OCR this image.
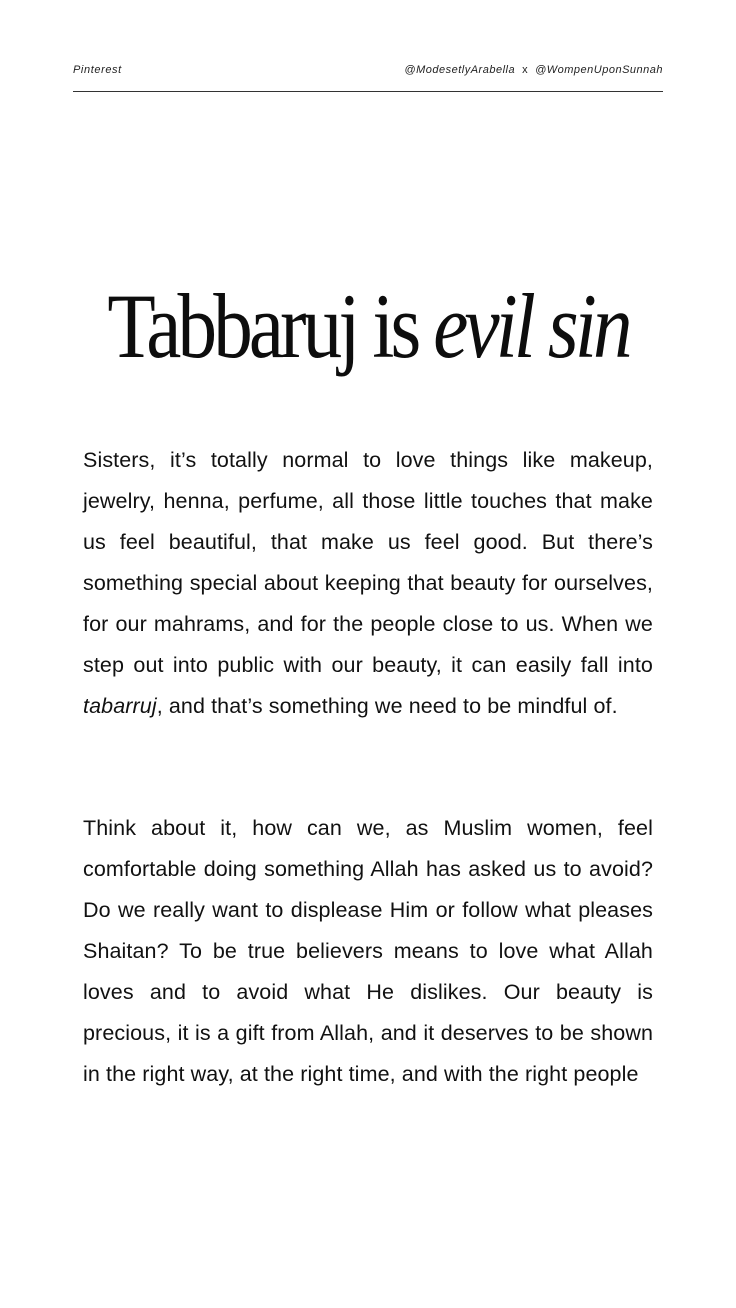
Pinterest	@ModesetlyArabella x @WompenUponSunnah
Tabbaruj is evil sin

Sisters, it’s totally normal to love things like makeup, jewelry, henna, perfume, all those little touches that make us feel beautiful, that make us feel good. But there’s something special about keeping that beauty for ourselves, for our mahrams, and for the people close to us. When we step out into public with our beauty, it can easily fall into tabarruj, and that’s something we need to be mindful of.

Think about it, how can we, as Muslim women, feel comfortable doing something Allah has asked us to avoid? Do we really want to displease Him or follow what pleases Shaitan? To be true believers means to love what Allah loves and to avoid what He dislikes. Our beauty is precious, it is a gift from Allah, and it deserves to be shown in the right way, at the right time, and with the right people
